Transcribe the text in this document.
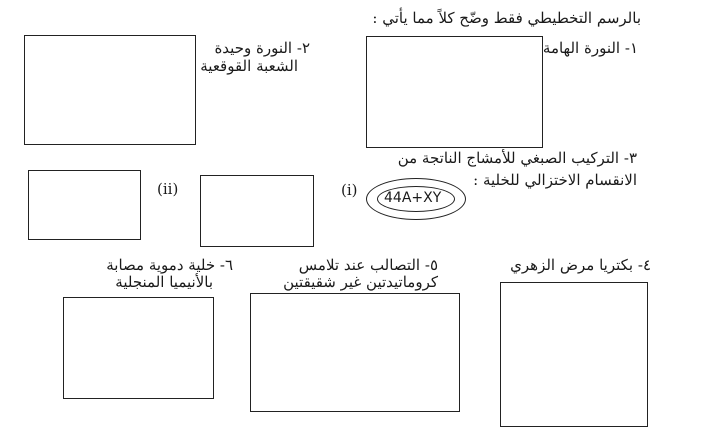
بالرسم التخطيطي فقط وضّح كلاً مما يأتي :
١- النورة الهامة
٢- النورة وحيدة
الشعبة القوقعية
٣- التركيب الصبغي للأمشاج الناتجة من
الانقسام الاختزالي للخلية :
(i) 44A+XY
(ii)
٤- بكتريا مرض الزهري
٥- التصالب عند تلامس
كروماتيدتين غير شقيقتين
٦- خلية دموية مصابة
بالأنيميا المنجلية
